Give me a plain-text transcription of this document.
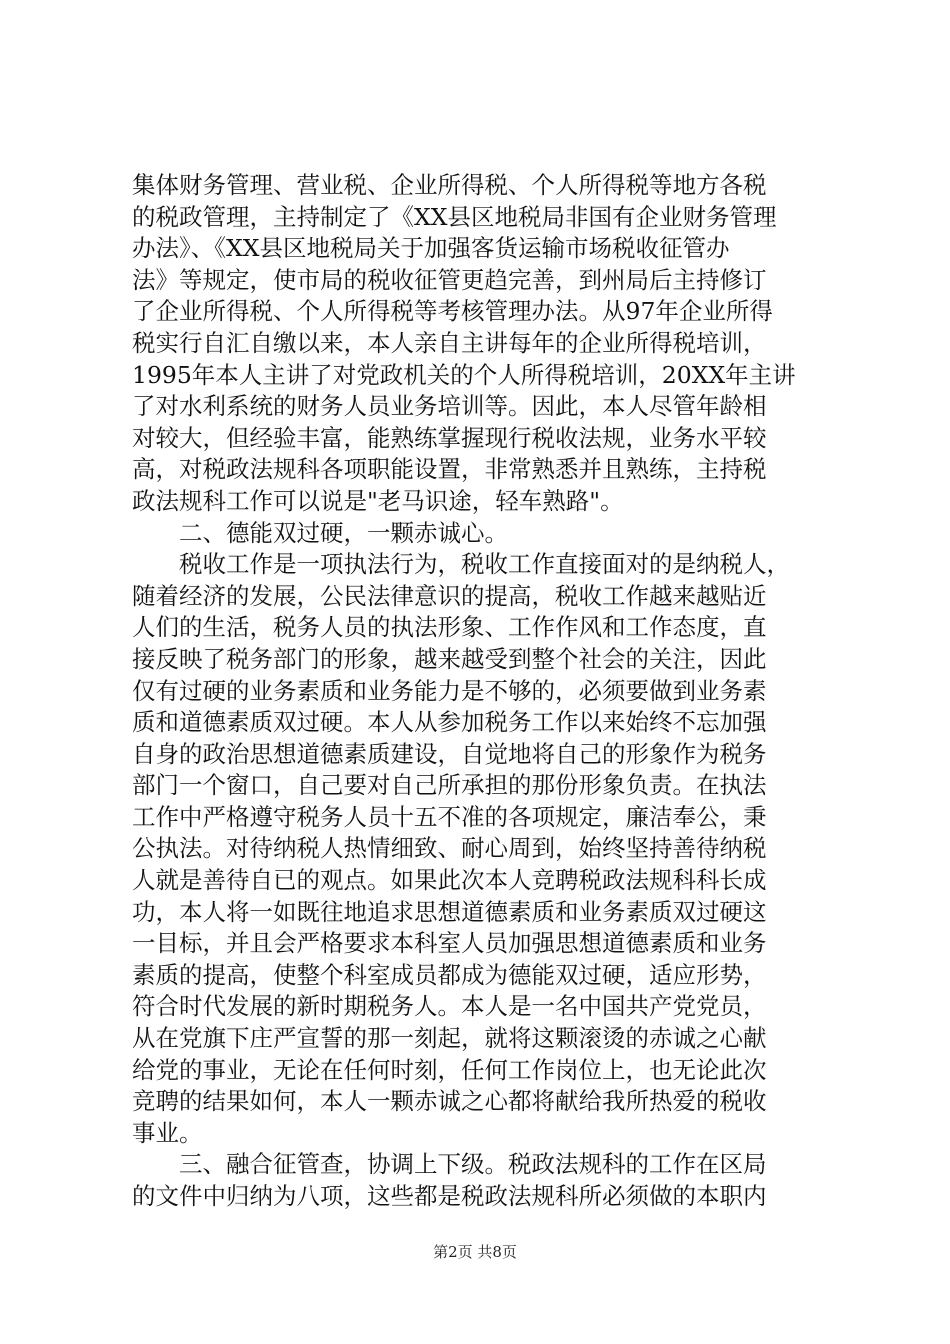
集体财务管理、营业税、企业所得税、个人所得税等地方各税
的税政管理，主持制定了《XX县区地税局非国有企业财务管理
办法》、《XX县区地税局关于加强客货运输市场税收征管办
法》等规定，使市局的税收征管更趋完善，到州局后主持修订
了企业所得税、个人所得税等考核管理办法。从97年企业所得
税实行自汇自缴以来，本人亲自主讲每年的企业所得税培训，
1995年本人主讲了对党政机关的个人所得税培训，20XX年主讲
了对水利系统的财务人员业务培训等。因此，本人尽管年龄相
对较大，但经验丰富，能熟练掌握现行税收法规，业务水平较
高，对税政法规科各项职能设置，非常熟悉并且熟练，主持税
政法规科工作可以说是"老马识途，轻车熟路"。
二、德能双过硬，一颗赤诚心。
税收工作是一项执法行为，税收工作直接面对的是纳税人，
随着经济的发展，公民法律意识的提高，税收工作越来越贴近
人们的生活，税务人员的执法形象、工作作风和工作态度，直
接反映了税务部门的形象，越来越受到整个社会的关注，因此
仅有过硬的业务素质和业务能力是不够的，必须要做到业务素
质和道德素质双过硬。本人从参加税务工作以来始终不忘加强
自身的政治思想道德素质建设，自觉地将自己的形象作为税务
部门一个窗口，自己要对自己所承担的那份形象负责。在执法
工作中严格遵守税务人员十五不准的各项规定，廉洁奉公，秉
公执法。对待纳税人热情细致、耐心周到，始终坚持善待纳税
人就是善待自已的观点。如果此次本人竞聘税政法规科科长成
功，本人将一如既往地追求思想道德素质和业务素质双过硬这
一目标，并且会严格要求本科室人员加强思想道德素质和业务
素质的提高，使整个科室成员都成为德能双过硬，适应形势，
符合时代发展的新时期税务人。本人是一名中国共产党党员，
从在党旗下庄严宣誓的那一刻起，就将这颗滚烫的赤诚之心献
给党的事业，无论在任何时刻，任何工作岗位上，也无论此次
竞聘的结果如何，本人一颗赤诚之心都将献给我所热爱的税收
事业。
三、融合征管查，协调上下级。税政法规科的工作在区局
的文件中归纳为八项，这些都是税政法规科所必须做的本职内
第2页 共8页
